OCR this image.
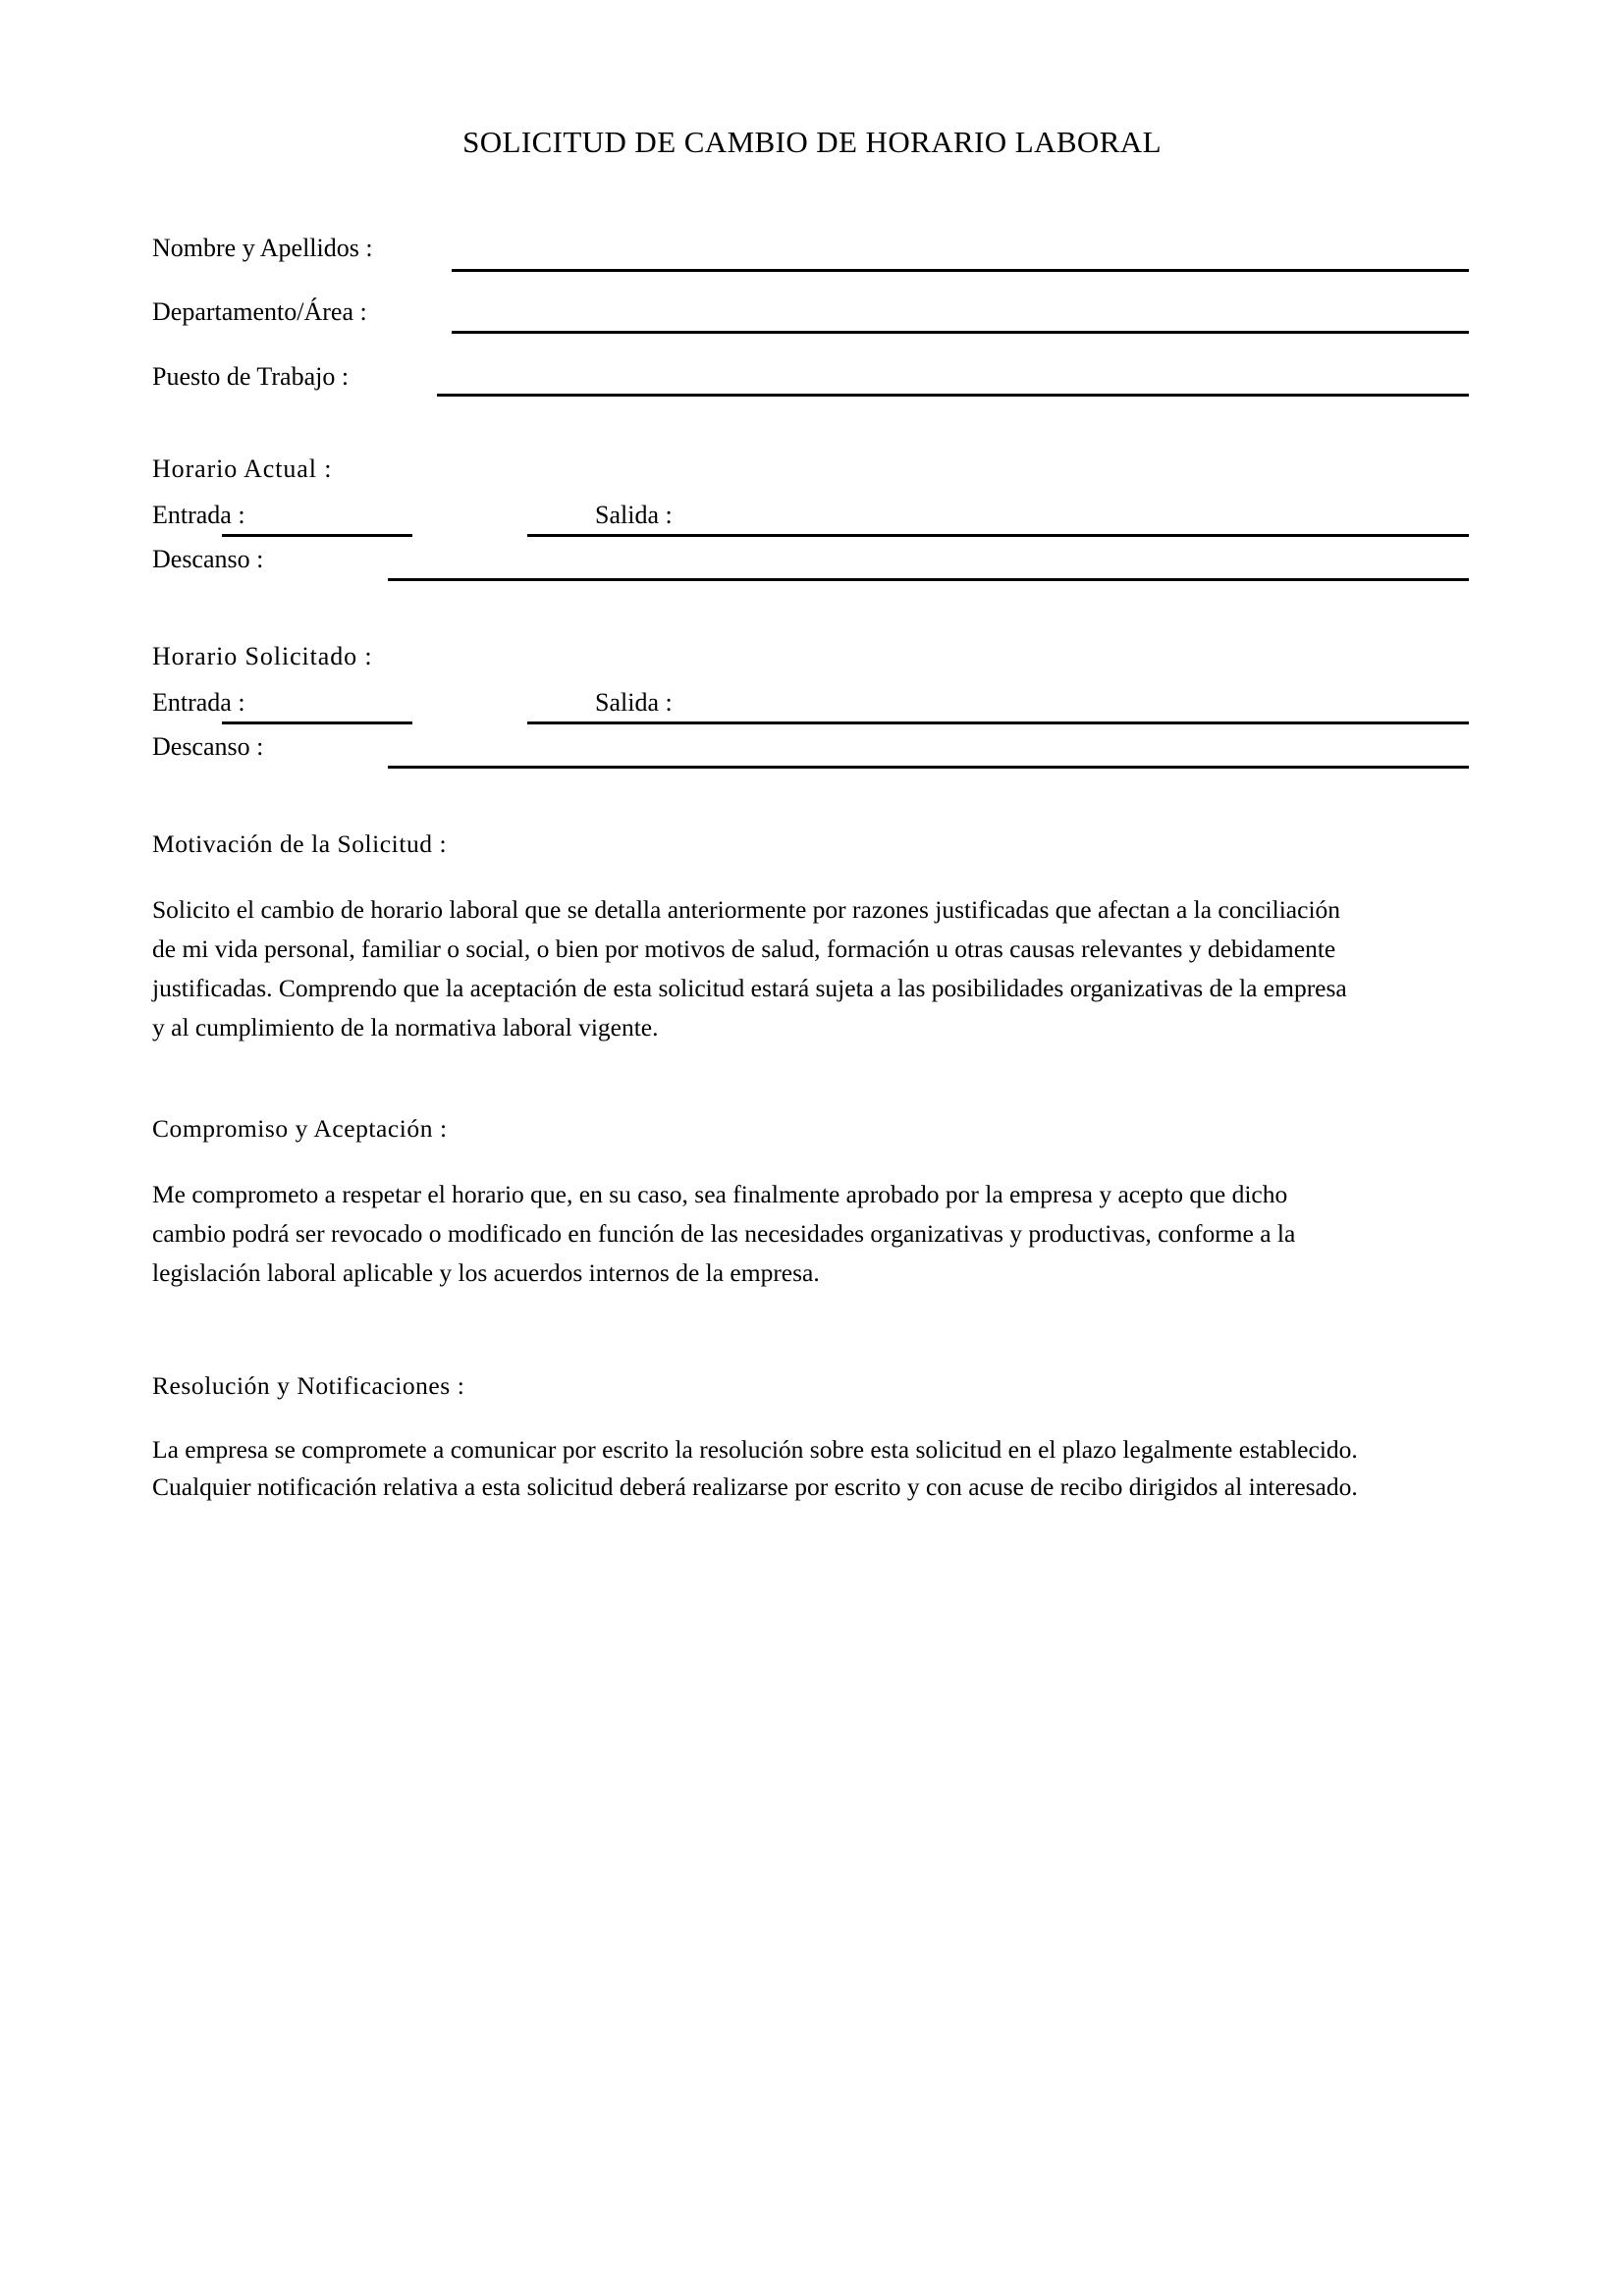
SOLICITUD DE CAMBIO DE HORARIO LABORAL
Nombre y Apellidos :
Departamento/Área :
Puesto de Trabajo :
Horario Actual :
Entrada :	Salida :
Descanso :
Horario Solicitado :
Entrada :	Salida :
Descanso :
Motivación de la Solicitud :
Solicito el cambio de horario laboral que se detalla anteriormente por razones justificadas que afectan a la conciliación
de mi vida personal, familiar o social, o bien por motivos de salud, formación u otras causas relevantes y debidamente
justificadas. Comprendo que la aceptación de esta solicitud estará sujeta a las posibilidades organizativas de la empresa
y al cumplimiento de la normativa laboral vigente.
Compromiso y Aceptación :
Me comprometo a respetar el horario que, en su caso, sea finalmente aprobado por la empresa y acepto que dicho
cambio podrá ser revocado o modificado en función de las necesidades organizativas y productivas, conforme a la
legislación laboral aplicable y los acuerdos internos de la empresa.
Resolución y Notificaciones :
La empresa se compromete a comunicar por escrito la resolución sobre esta solicitud en el plazo legalmente establecido.
Cualquier notificación relativa a esta solicitud deberá realizarse por escrito y con acuse de recibo dirigidos al interesado.
